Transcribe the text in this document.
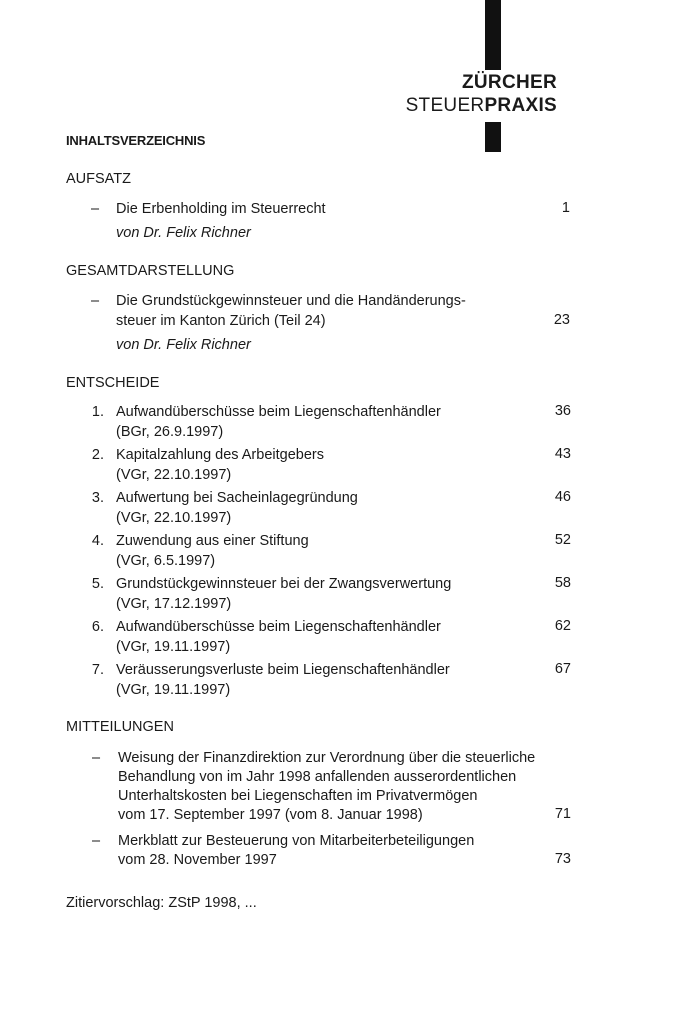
ZÜRCHER
STEUERPRAXIS
INHALTSVERZEICHNIS
AUFSATZ
– Die Erbenholding im Steuerrecht
von Dr. Felix Richner
1
GESAMTDARSTELLUNG
– Die Grundstückgewinnsteuer und die Handänderungs-
steuer im Kanton Zürich (Teil 24)
von Dr. Felix Richner
23
ENTSCHEIDE
1. Aufwandüberschüsse beim Liegenschaftenhändler
(BGr, 26.9.1997)
36
2. Kapitalzahlung des Arbeitgebers
(VGr, 22.10.1997)
43
3. Aufwertung bei Sacheinlagegründung
(VGr, 22.10.1997)
46
4. Zuwendung aus einer Stiftung
(VGr, 6.5.1997)
52
5. Grundstückgewinnsteuer bei der Zwangsverwertung
(VGr, 17.12.1997)
58
6. Aufwandüberschüsse beim Liegenschaftenhändler
(VGr, 19.11.1997)
62
7. Veräusserungsverluste beim Liegenschaftenhändler
(VGr, 19.11.1997)
67
MITTEILUNGEN
– Weisung der Finanzdirektion zur Verordnung über die steuerliche
Behandlung von im Jahr 1998 anfallenden ausserordentlichen
Unterhaltskosten bei Liegenschaften im Privatvermögen
vom 17. September 1997 (vom 8. Januar 1998)	71
– Merkblatt zur Besteuerung von Mitarbeiterbeteiligungen
vom 28. November 1997	73
Zitiervorschlag: ZStP 1998, ...
